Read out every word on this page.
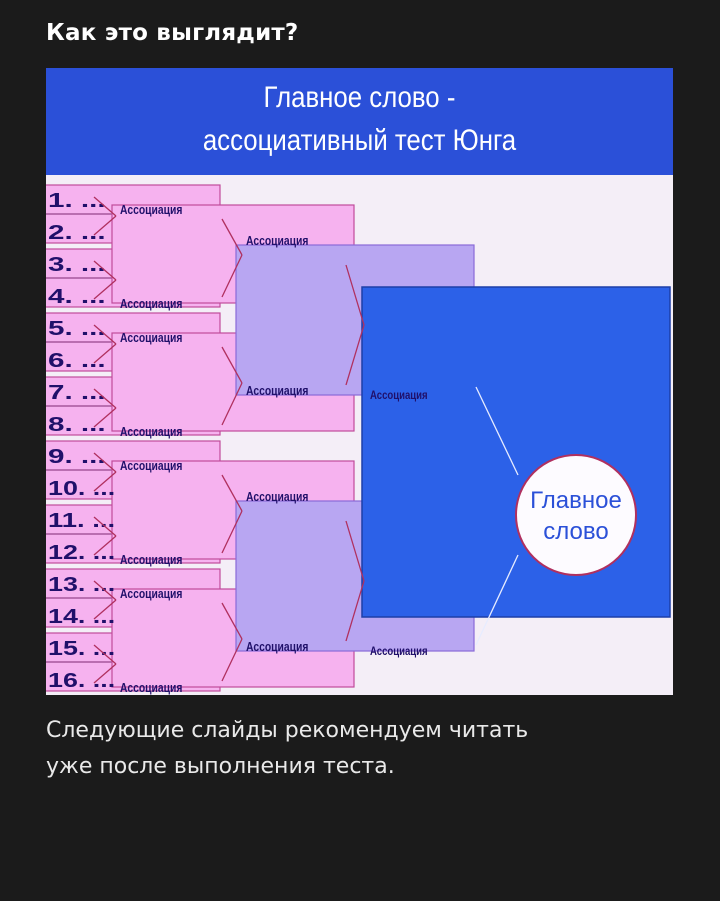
Как это выглядит?
Главное слово -
ассоциативный тест Юнга
1. ...
2. ...
3. ...
4. ...
5. ...
6. ...
7. ...
8. ...
9. ...
10. ...
11. ...
12. ...
13. ...
14. ...
15. ...
16. ...
Ассоциация
Ассоциация
Ассоциация
Ассоциация
Ассоциация
Ассоциация
Ассоциация
Ассоциация
Ассоциация
Ассоциация
Ассоциация
Ассоциация
Ассоциация
Ассоциация
Главное
слово
Следующие слайды рекомендуем читать
уже после выполнения теста.
